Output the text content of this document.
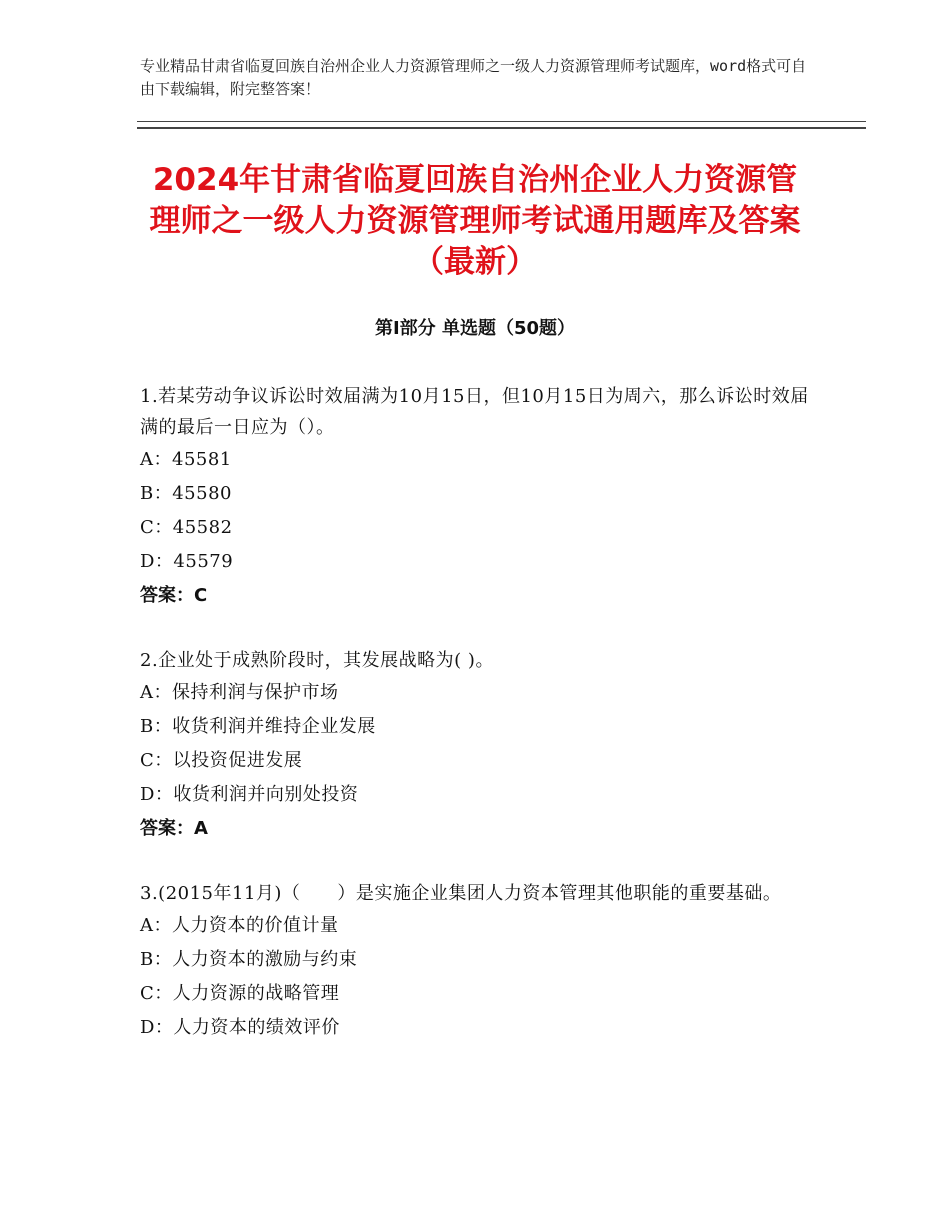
专业精品甘肃省临夏回族自治州企业人力资源管理师之一级人力资源管理师考试题库，word格式可自由下载编辑，附完整答案！
2024年甘肃省临夏回族自治州企业人力资源管理师之一级人力资源管理师考试通用题库及答案（最新）
第Ⅰ部分 单选题（50题）

1.若某劳动争议诉讼时效届满为10月15日，但10月15日为周六，那么诉讼时效届满的最后一日应为（）。

A：45581

B：45580

C：45582

D：45579

答案：C

2.企业处于成熟阶段时，其发展战略为( )。

A：保持利润与保护市场

B：收货利润并维持企业发展

C：以投资促进发展

D：收货利润并向别处投资

答案：A

3.(2015年11月)（　　）是实施企业集团人力资本管理其他职能的重要基础。

A：人力资本的价值计量

B：人力资本的激励与约束

C：人力资源的战略管理

D：人力资本的绩效评价
